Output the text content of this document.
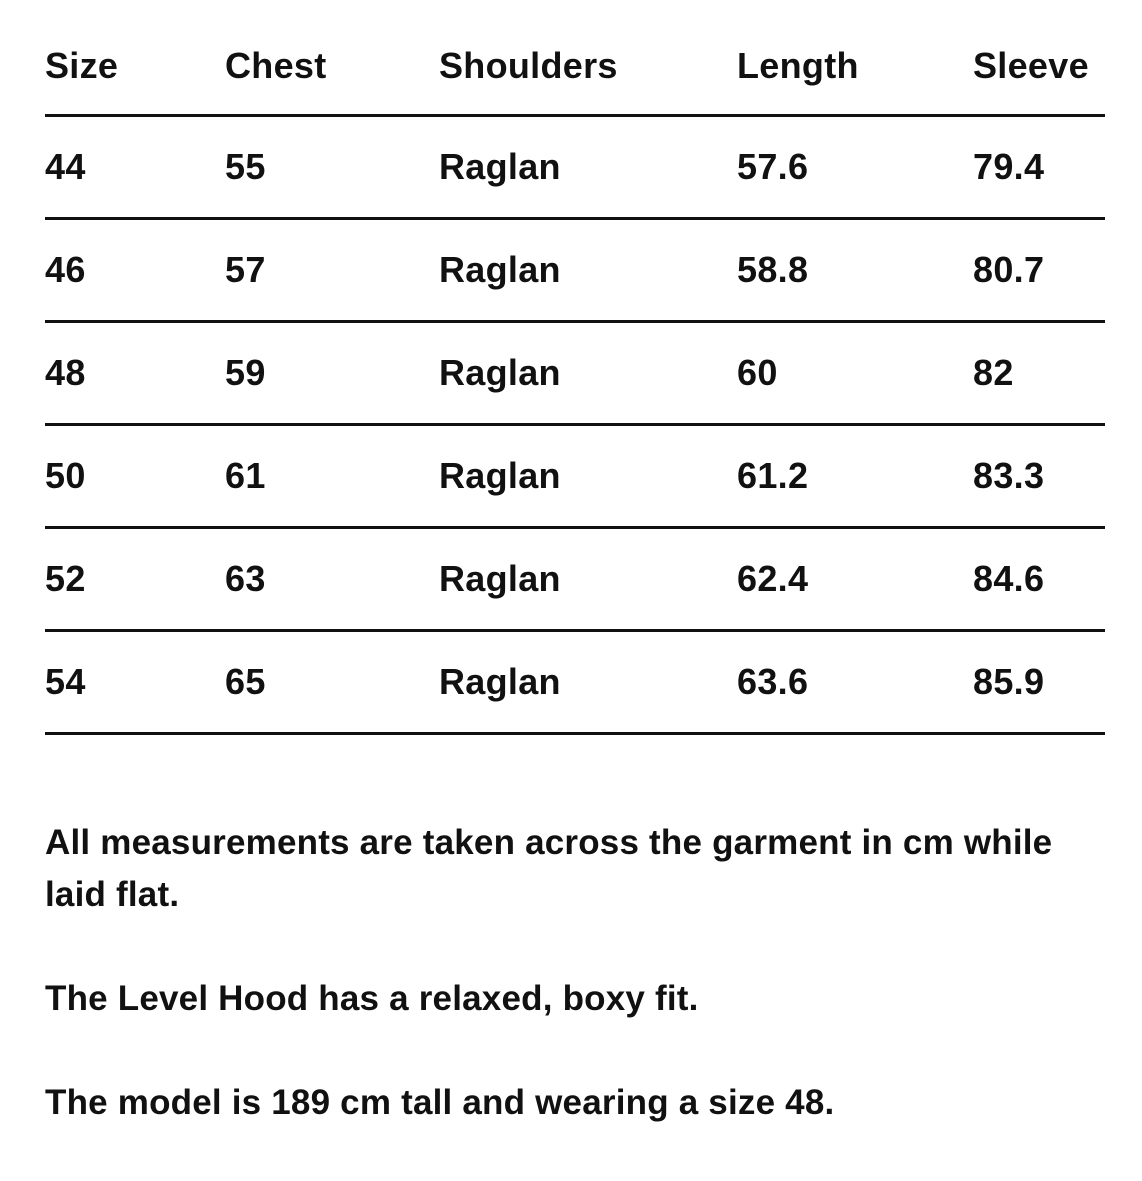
Size	Chest	Shoulders	Length	Sleeve
44	55	Raglan	57.6	79.4
46	57	Raglan	58.8	80.7
48	59	Raglan	60	82
50	61	Raglan	61.2	83.3
52	63	Raglan	62.4	84.6
54	65	Raglan	63.6	85.9

All measurements are taken across the garment in cm while laid flat.

The Level Hood has a relaxed, boxy fit.

The model is 189 cm tall and wearing a size 48.
